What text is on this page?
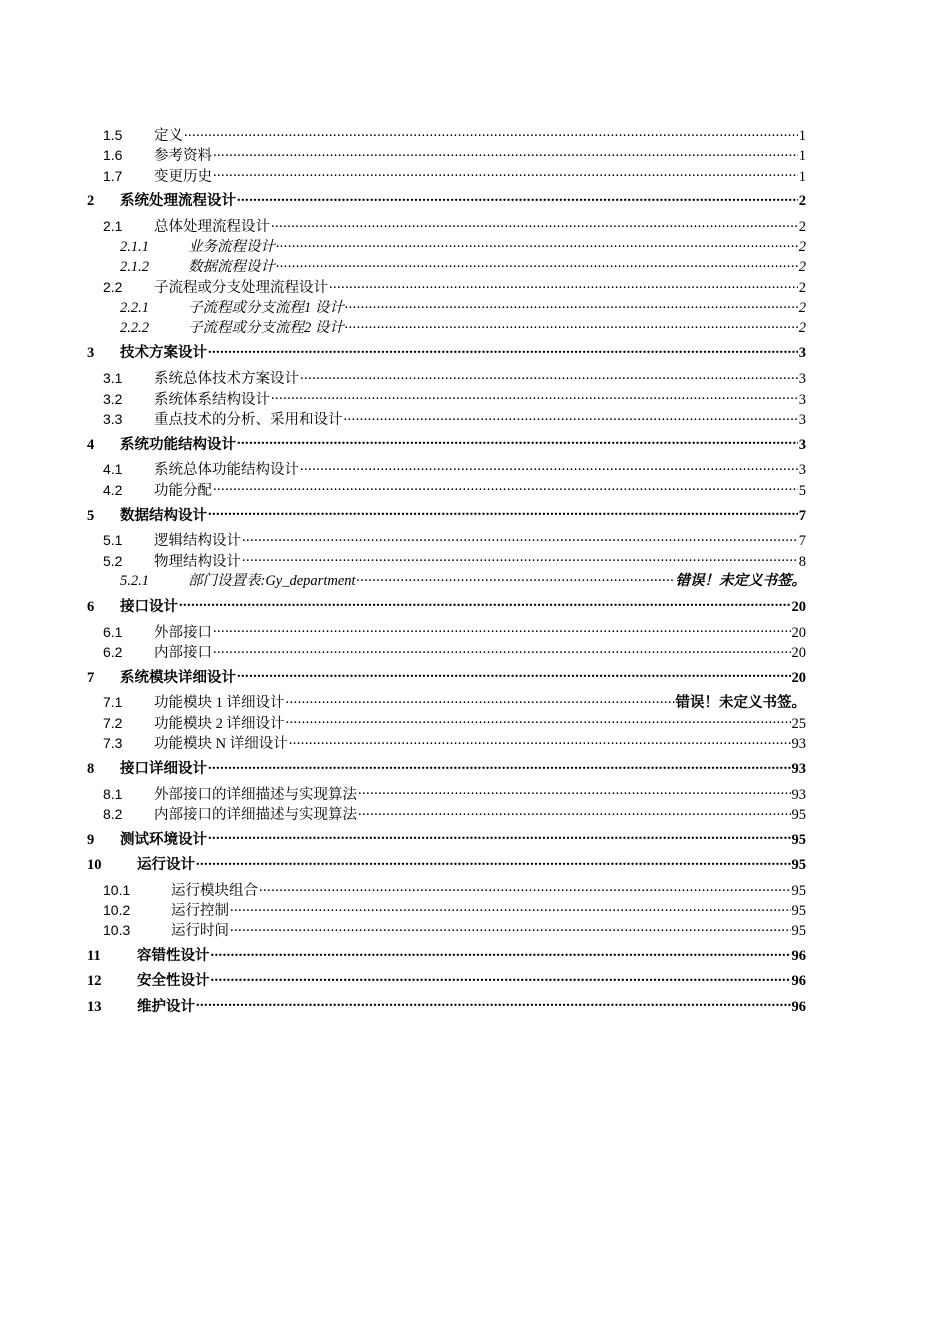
1.5	定义 .....	1
1.6	参考资料 .....	1
1.7	变更历史 .....	1
2	系统处理流程设计 .....	2
2.1	总体处理流程设计 .....	2
2.1.1	业务流程设计 .....	2
2.1.2	数据流程设计 .....	2
2.2	子流程或分支处理流程设计 .....	2
2.2.1	子流程或分支流程1 设计 .....	2
2.2.2	子流程或分支流程2 设计 .....	2
3	技术方案设计 .....	3
3.1	系统总体技术方案设计 .....	3
3.2	系统体系结构设计 .....	3
3.3	重点技术的分析、采用和设计 .....	3
4	系统功能结构设计 .....	3
4.1	系统总体功能结构设计 .....	3
4.2	功能分配 .....	5
5	数据结构设计 .....	7
5.1	逻辑结构设计 .....	7
5.2	物理结构设计 .....	8
5.2.1	部门设置表:Gy_department .....	错误！未定义书签。
6	接口设计 .....	20
6.1	外部接口 .....	20
6.2	内部接口 .....	20
7	系统模块详细设计 .....	20
7.1	功能模块 1 详细设计 .....	错误！未定义书签。
7.2	功能模块 2 详细设计 .....	25
7.3	功能模块 N 详细设计 .....	93
8	接口详细设计 .....	93
8.1	外部接口的详细描述与实现算法 .....	93
8.2	内部接口的详细描述与实现算法 .....	95
9	测试环境设计 .....	95
10	运行设计 .....	95
10.1	运行模块组合 .....	95
10.2	运行控制 .....	95
10.3	运行时间 .....	95
11	容错性设计 .....	96
12	安全性设计 .....	96
13	维护设计 .....	96
